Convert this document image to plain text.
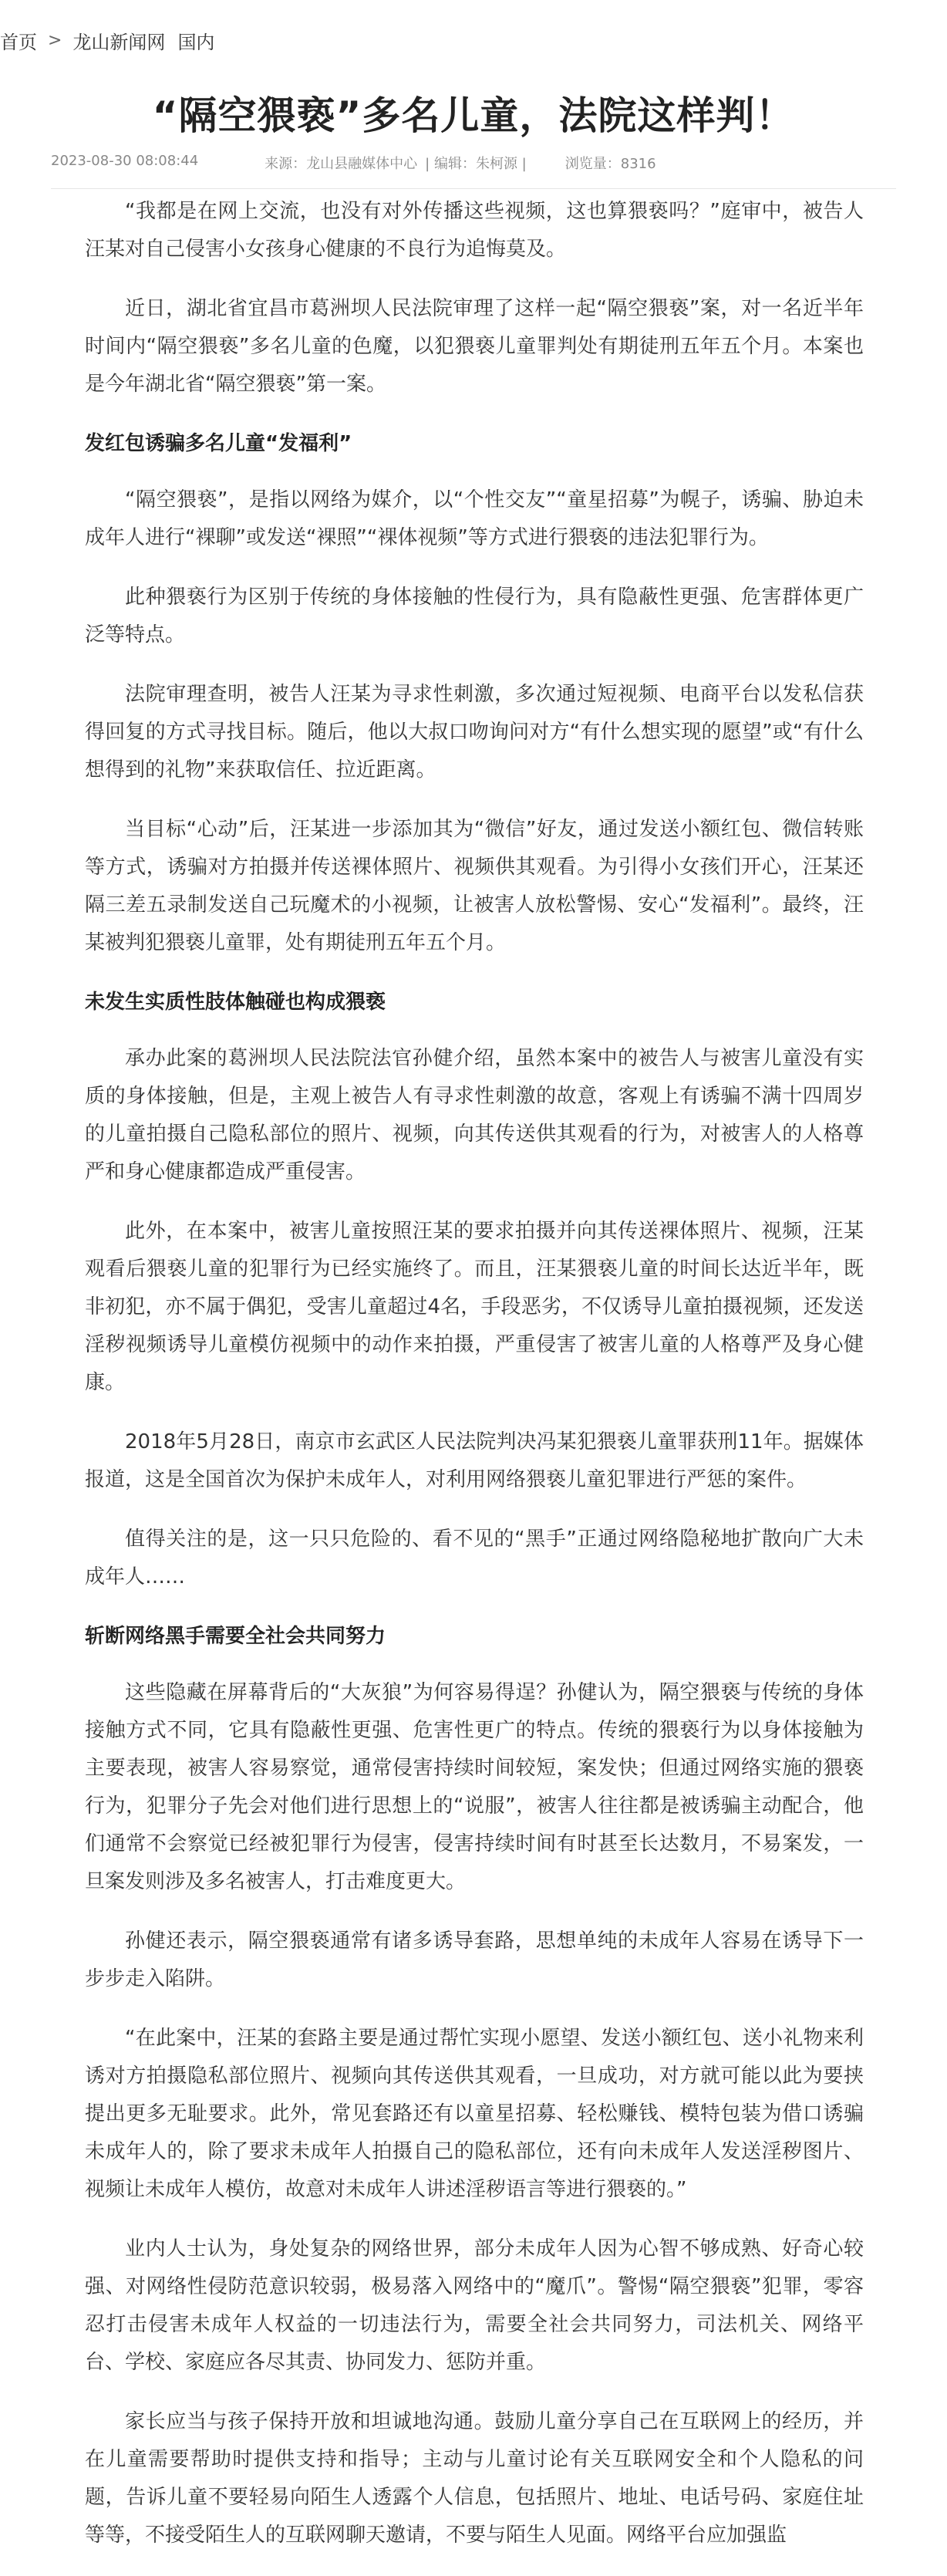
首页 > 龙山新闻网 国内
“隔空猥亵”多名儿童，法院这样判！
2023-08-30 08:08:44	来源：龙山县融媒体中心 | 编辑：朱柯源 |	浏览量：8316

“我都是在网上交流，也没有对外传播这些视频，这也算猥亵吗？”庭审中，被告人汪某对自己侵害小女孩身心健康的不良行为追悔莫及。

近日，湖北省宜昌市葛洲坝人民法院审理了这样一起“隔空猥亵”案，对一名近半年时间内“隔空猥亵”多名儿童的色魔，以犯猥亵儿童罪判处有期徒刑五年五个月。本案也是今年湖北省“隔空猥亵”第一案。

发红包诱骗多名儿童“发福利”

“隔空猥亵”，是指以网络为媒介，以“个性交友”“童星招募”为幌子，诱骗、胁迫未成年人进行“裸聊”或发送“裸照”“裸体视频”等方式进行猥亵的违法犯罪行为。

此种猥亵行为区别于传统的身体接触的性侵行为，具有隐蔽性更强、危害群体更广泛等特点。

法院审理查明，被告人汪某为寻求性刺激，多次通过短视频、电商平台以发私信获得回复的方式寻找目标。随后，他以大叔口吻询问对方“有什么想实现的愿望”或“有什么想得到的礼物”来获取信任、拉近距离。

当目标“心动”后，汪某进一步添加其为“微信”好友，通过发送小额红包、微信转账等方式，诱骗对方拍摄并传送裸体照片、视频供其观看。为引得小女孩们开心，汪某还隔三差五录制发送自己玩魔术的小视频，让被害人放松警惕、安心“发福利”。最终，汪某被判犯猥亵儿童罪，处有期徒刑五年五个月。

未发生实质性肢体触碰也构成猥亵

承办此案的葛洲坝人民法院法官孙健介绍，虽然本案中的被告人与被害儿童没有实质的身体接触，但是，主观上被告人有寻求性刺激的故意，客观上有诱骗不满十四周岁的儿童拍摄自己隐私部位的照片、视频，向其传送供其观看的行为，对被害人的人格尊严和身心健康都造成严重侵害。

此外，在本案中，被害儿童按照汪某的要求拍摄并向其传送裸体照片、视频，汪某观看后猥亵儿童的犯罪行为已经实施终了。而且，汪某猥亵儿童的时间长达近半年，既非初犯，亦不属于偶犯，受害儿童超过4名，手段恶劣，不仅诱导儿童拍摄视频，还发送淫秽视频诱导儿童模仿视频中的动作来拍摄，严重侵害了被害儿童的人格尊严及身心健康。

2018年5月28日，南京市玄武区人民法院判决冯某犯猥亵儿童罪获刑11年。据媒体报道，这是全国首次为保护未成年人，对利用网络猥亵儿童犯罪进行严惩的案件。

值得关注的是，这一只只危险的、看不见的“黑手”正通过网络隐秘地扩散向广大未成年人……

斩断网络黑手需要全社会共同努力

这些隐藏在屏幕背后的“大灰狼”为何容易得逞？孙健认为，隔空猥亵与传统的身体接触方式不同，它具有隐蔽性更强、危害性更广的特点。传统的猥亵行为以身体接触为主要表现，被害人容易察觉，通常侵害持续时间较短，案发快；但通过网络实施的猥亵行为，犯罪分子先会对他们进行思想上的“说服”，被害人往往都是被诱骗主动配合，他们通常不会察觉已经被犯罪行为侵害，侵害持续时间有时甚至长达数月，不易案发，一旦案发则涉及多名被害人，打击难度更大。

孙健还表示，隔空猥亵通常有诸多诱导套路，思想单纯的未成年人容易在诱导下一步步走入陷阱。

“在此案中，汪某的套路主要是通过帮忙实现小愿望、发送小额红包、送小礼物来利诱对方拍摄隐私部位照片、视频向其传送供其观看，一旦成功，对方就可能以此为要挟提出更多无耻要求。此外，常见套路还有以童星招募、轻松赚钱、模特包装为借口诱骗未成年人的，除了要求未成年人拍摄自己的隐私部位，还有向未成年人发送淫秽图片、视频让未成年人模仿，故意对未成年人讲述淫秽语言等进行猥亵的。”

业内人士认为，身处复杂的网络世界，部分未成年人因为心智不够成熟、好奇心较强、对网络性侵防范意识较弱，极易落入网络中的“魔爪”。警惕“隔空猥亵”犯罪，零容忍打击侵害未成年人权益的一切违法行为，需要全社会共同努力，司法机关、网络平台、学校、家庭应各尽其责、协同发力、惩防并重。

家长应当与孩子保持开放和坦诚地沟通。鼓励儿童分享自己在互联网上的经历，并在儿童需要帮助时提供支持和指导；主动与儿童讨论有关互联网安全和个人隐私的问题，告诉儿童不要轻易向陌生人透露个人信息，包括照片、地址、电话号码、家庭住址等等，不接受陌生人的互联网聊天邀请，不要与陌生人见面。网络平台应加强监
